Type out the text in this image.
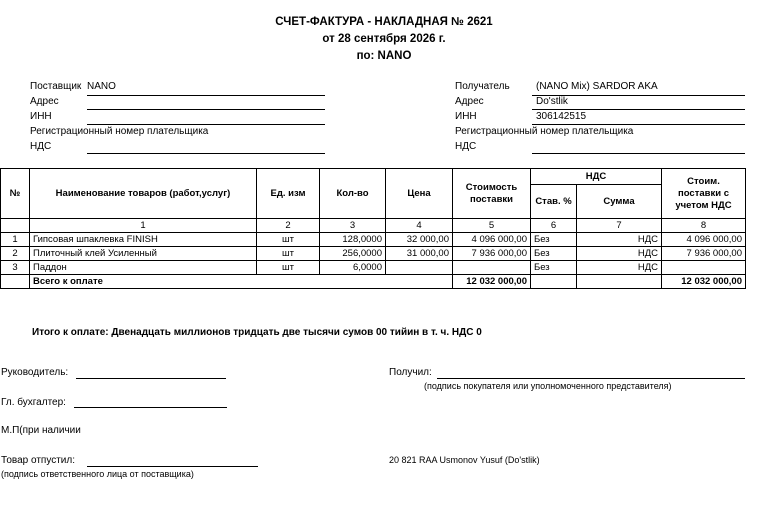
СЧЕТ-ФАКТУРА - НАКЛАДНАЯ № 2621
от 28 сентября 2026 г.
по: NANO
Поставщик NANO
Адрес
ИНН
Регистрационный номер плательщика
НДС
Получатель	(NANO Mix) SARDOR AKA
Адрес	Do'stlik
ИНН	306142515
Регистрационный номер плательщика
НДС
№	Наименование товаров (работ,услуг)	Ед. изм	Кол-во	Цена	Стоимость поставки	НДС		Стоим. поставки с учетом НДС
						Став. %	Сумма	
	1	2	3	4	5	6	7	8
1	Гипсовая шпаклевка FINISH	шт	128,0000	32 000,00	4 096 000,00	Без	НДС	4 096 000,00
2	Плиточный клей Усиленный	шт	256,0000	31 000,00	7 936 000,00	Без	НДС	7 936 000,00
3	Паддон	шт	6,0000			Без	НДС	
	Всего к оплате				12 032 000,00			12 032 000,00
Итого к оплате: Двенадцать миллионов тридцать две тысячи сумов 00 тийин в т. ч. НДС 0
Руководитель:
Гл. бухгалтер:
М.П(при наличии
Товар отпустил:
(подпись ответственного лица от поставщика)
Получил:
(подпись покупателя или уполномоченного представителя)
20 821 RAA Usmonov Yusuf (Do'stlik)
